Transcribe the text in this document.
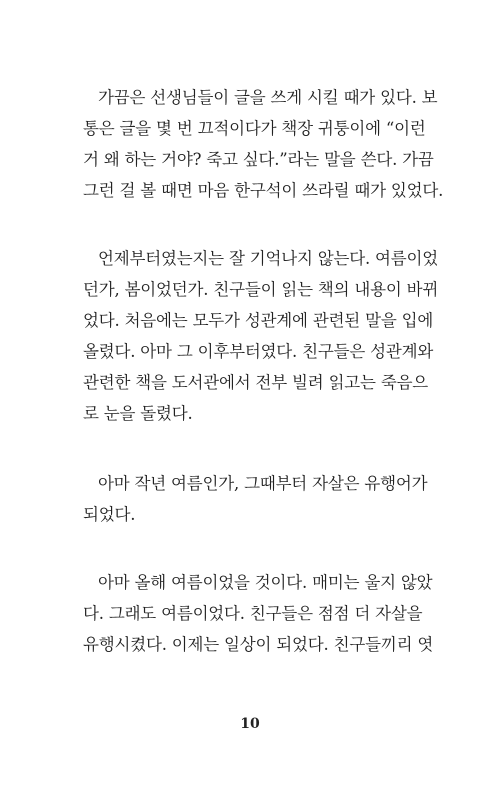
가끔은 선생님들이 글을 쓰게 시킬 때가 있다. 보
통은 글을 몇 번 끄적이다가 책장 귀퉁이에 “이런
거 왜 하는 거야? 죽고 싶다.”라는 말을 쓴다. 가끔
그런 걸 볼 때면 마음 한구석이 쓰라릴 때가 있었다.
언제부터였는지는 잘 기억나지 않는다. 여름이었
던가, 봄이었던가. 친구들이 읽는 책의 내용이 바뀌
었다. 처음에는 모두가 성관계에 관련된 말을 입에
올렸다. 아마 그 이후부터였다. 친구들은 성관계와
관련한 책을 도서관에서 전부 빌려 읽고는 죽음으
로 눈을 돌렸다.
아마 작년 여름인가, 그때부터 자살은 유행어가
되었다.
아마 올해 여름이었을 것이다. 매미는 울지 않았
다. 그래도 여름이었다. 친구들은 점점 더 자살을
유행시켰다. 이제는 일상이 되었다. 친구들끼리 엿
10
